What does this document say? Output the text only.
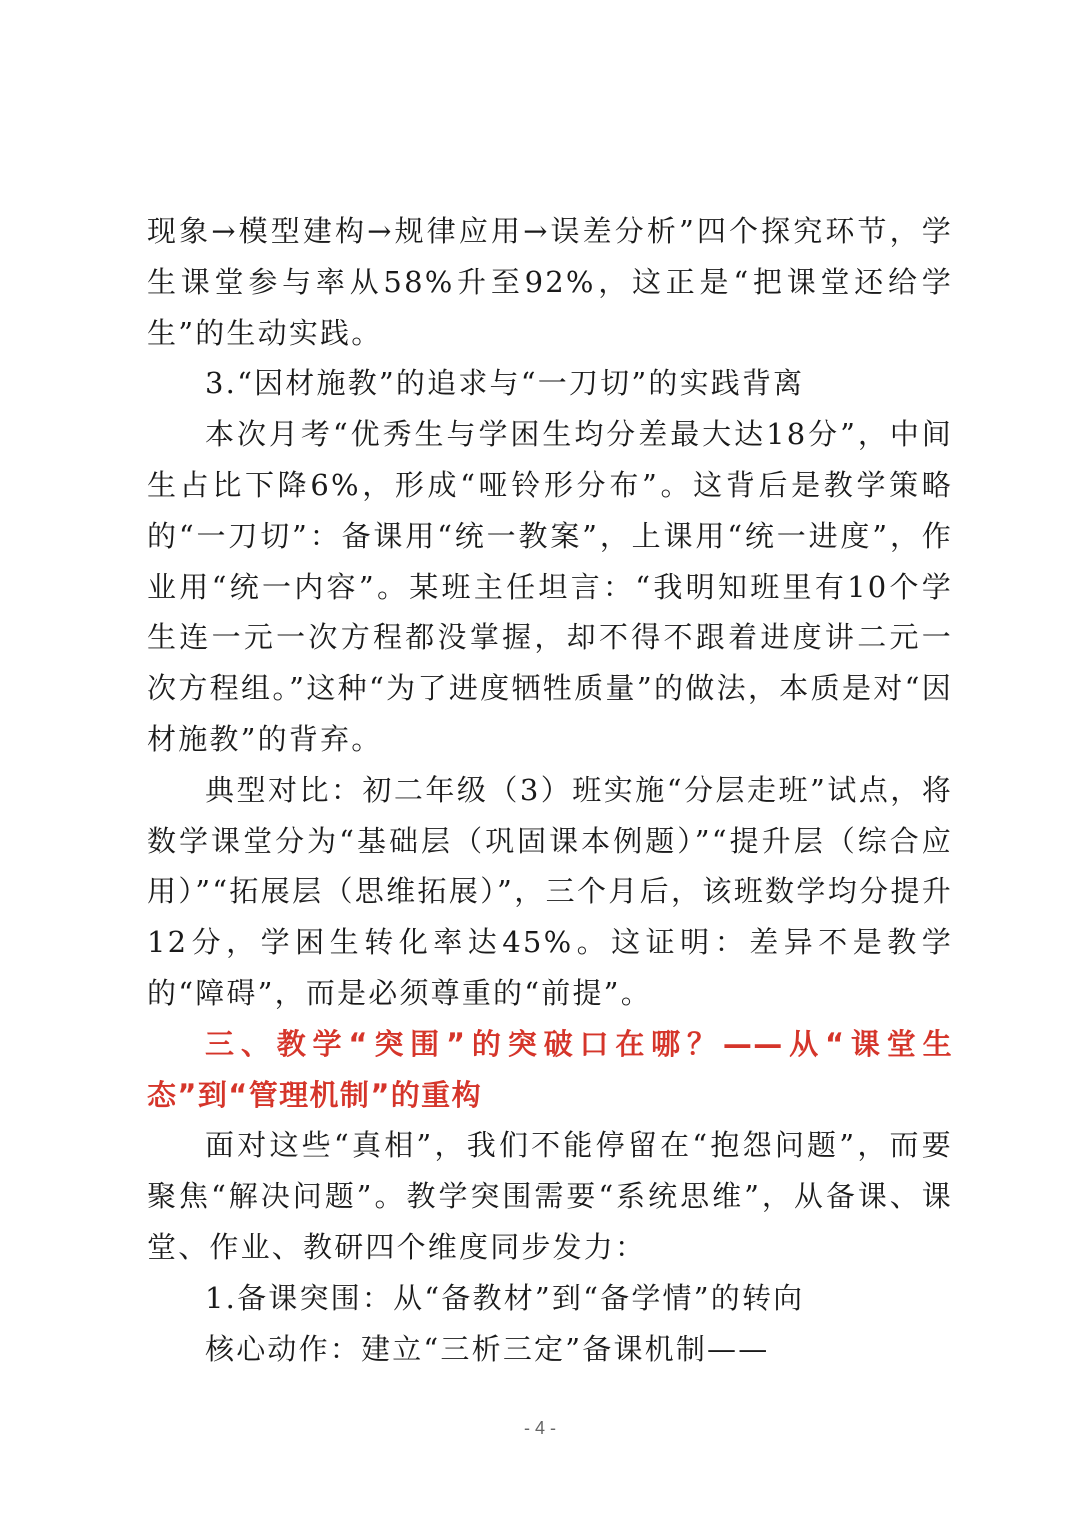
现象→模型建构→规律应用→误差分析”四个探究环节，学生课堂参与率从58%升至92%，这正是“把课堂还给学生”的生动实践。

3.“因材施教”的追求与“一刀切”的实践背离

本次月考“优秀生与学困生均分差最大达18分”，中间生占比下降6%，形成“哑铃形分布”。这背后是教学策略的“一刀切”：备课用“统一教案”，上课用“统一进度”，作业用“统一内容”。某班主任坦言：“我明知班里有10个学生连一元一次方程都没掌握，却不得不跟着进度讲二元一次方程组。”这种“为了进度牺牲质量”的做法，本质是对“因材施教”的背弃。

典型对比：初二年级（3）班实施“分层走班”试点，将数学课堂分为“基础层（巩固课本例题）”“提升层（综合应用）”“拓展层（思维拓展）”，三个月后，该班数学均分提升12分，学困生转化率达45%。这证明：差异不是教学的“障碍”，而是必须尊重的“前提”。

三、教学“突围”的突破口在哪？——从“课堂生态”到“管理机制”的重构

面对这些“真相”，我们不能停留在“抱怨问题”，而要聚焦“解决问题”。教学突围需要“系统思维”，从备课、课堂、作业、教研四个维度同步发力：

1.备课突围：从“备教材”到“备学情”的转向

核心动作：建立“三析三定”备课机制——

- 4 -
